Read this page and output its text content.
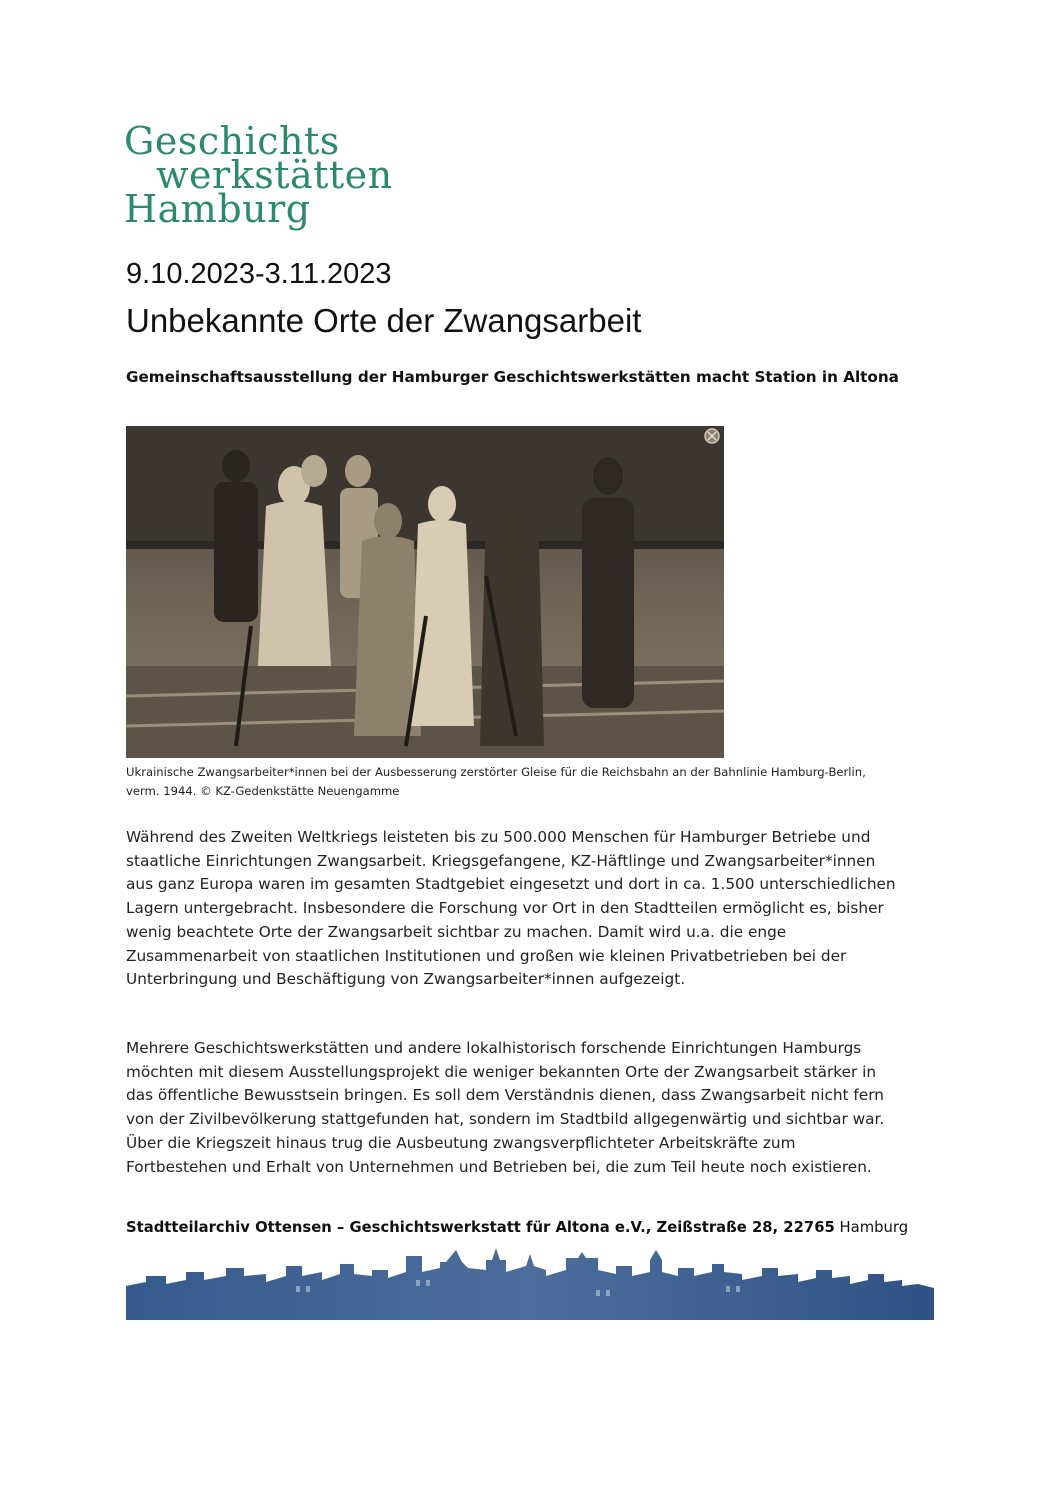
Geschichts
werkstätten
Hamburg
9.10.2023-3.11.2023
Unbekannte Orte der Zwangsarbeit
Gemeinschaftsausstellung der Hamburger Geschichtswerkstätten macht Station in Altona
Ukrainische Zwangsarbeiter*innen bei der Ausbesserung zerstörter Gleise für die Reichsbahn an der Bahnlinie Hamburg-Berlin,
verm. 1944. © KZ-Gedenkstätte Neuengamme
Während des Zweiten Weltkriegs leisteten bis zu 500.000 Menschen für Hamburger Betriebe und
staatliche Einrichtungen Zwangsarbeit. Kriegsgefangene, KZ-Häftlinge und Zwangsarbeiter*innen
aus ganz Europa waren im gesamten Stadtgebiet eingesetzt und dort in ca. 1.500 unterschiedlichen
Lagern untergebracht. Insbesondere die Forschung vor Ort in den Stadtteilen ermöglicht es, bisher
wenig beachtete Orte der Zwangsarbeit sichtbar zu machen. Damit wird u.a. die enge
Zusammenarbeit von staatlichen Institutionen und großen wie kleinen Privatbetrieben bei der
Unterbringung und Beschäftigung von Zwangsarbeiter*innen aufgezeigt.
Mehrere Geschichtswerkstätten und andere lokalhistorisch forschende Einrichtungen Hamburgs
möchten mit diesem Ausstellungsprojekt die weniger bekannten Orte der Zwangsarbeit stärker in
das öffentliche Bewusstsein bringen. Es soll dem Verständnis dienen, dass Zwangsarbeit nicht fern
von der Zivilbevölkerung stattgefunden hat, sondern im Stadtbild allgegenwärtig und sichtbar war.
Über die Kriegszeit hinaus trug die Ausbeutung zwangsverpflichteter Arbeitskräfte zum
Fortbestehen und Erhalt von Unternehmen und Betrieben bei, die zum Teil heute noch existieren.
Stadtteilarchiv Ottensen – Geschichtswerkstatt für Altona e.V., Zeißstraße 28, 22765 Hamburg
